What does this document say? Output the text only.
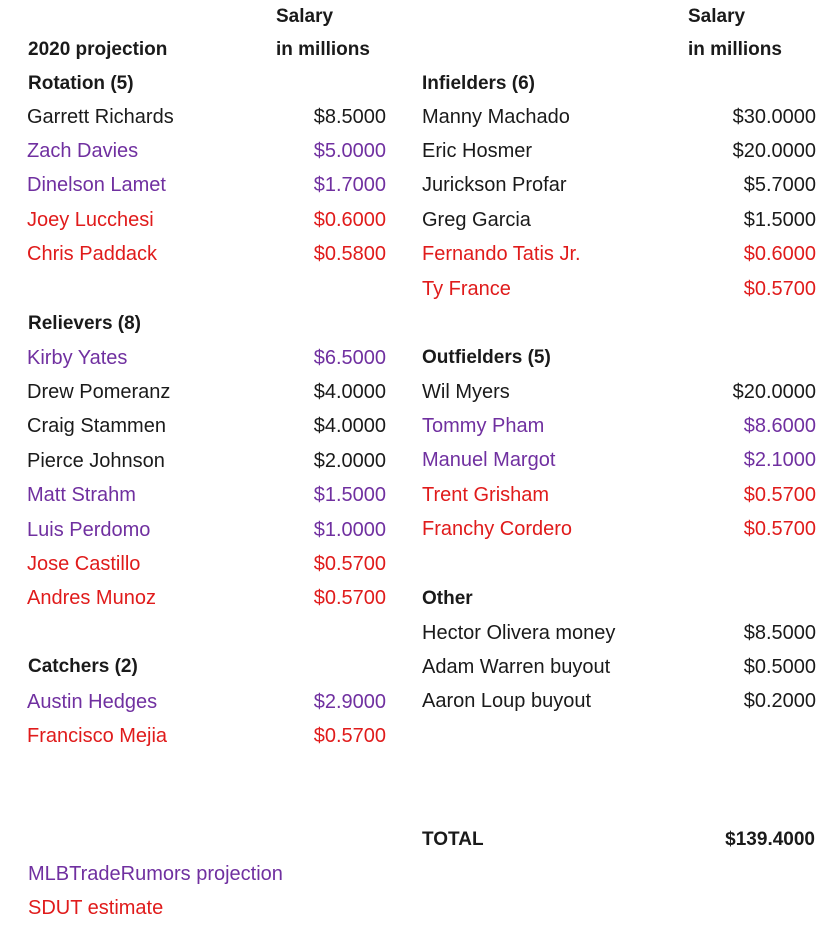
Salary
in millions
Salary
in millions
2020 projection
Rotation (5)
Garrett Richards	$8.5000
Zach Davies	$5.0000
Dinelson Lamet	$1.7000
Joey Lucchesi	$0.6000
Chris Paddack	$0.5800
Relievers (8)
Kirby Yates	$6.5000
Drew Pomeranz	$4.0000
Craig Stammen	$4.0000
Pierce Johnson	$2.0000
Matt Strahm	$1.5000
Luis Perdomo	$1.0000
Jose Castillo	$0.5700
Andres Munoz	$0.5700
Catchers (2)
Austin Hedges	$2.9000
Francisco Mejia	$0.5700
Infielders (6)
Manny Machado	$30.0000
Eric Hosmer	$20.0000
Jurickson Profar	$5.7000
Greg Garcia	$1.5000
Fernando Tatis Jr.	$0.6000
Ty France	$0.5700
Outfielders (5)
Wil Myers	$20.0000
Tommy Pham	$8.6000
Manuel Margot	$2.1000
Trent Grisham	$0.5700
Franchy Cordero	$0.5700
Other
Hector Olivera money	$8.5000
Adam Warren buyout	$0.5000
Aaron Loup buyout	$0.2000
TOTAL	$139.4000
MLBTradeRumors projection
SDUT estimate
